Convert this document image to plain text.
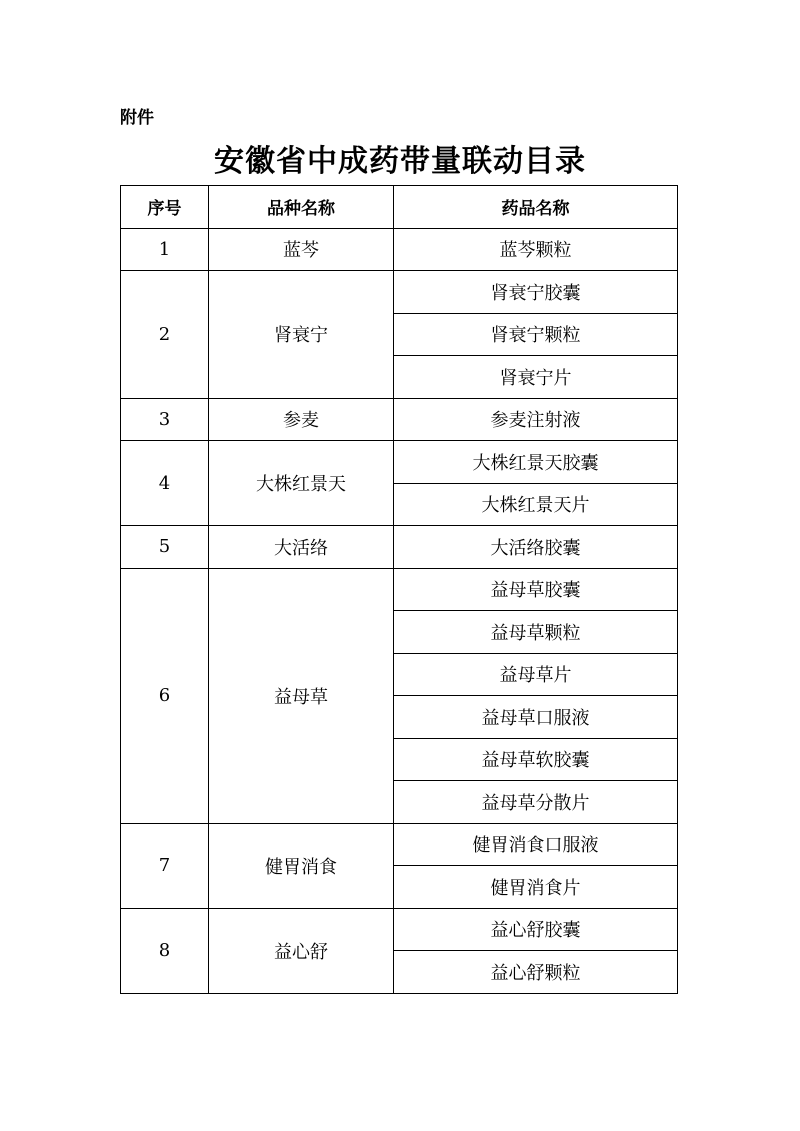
附件
安徽省中成药带量联动目录
序号	品种名称	药品名称
1	蓝芩	蓝芩颗粒
2	肾衰宁	肾衰宁胶囊
		肾衰宁颗粒
		肾衰宁片
3	参麦	参麦注射液
4	大株红景天	大株红景天胶囊
		大株红景天片
5	大活络	大活络胶囊
6	益母草	益母草胶囊
		益母草颗粒
		益母草片
		益母草口服液
		益母草软胶囊
		益母草分散片
7	健胃消食	健胃消食口服液
		健胃消食片
8	益心舒	益心舒胶囊
		益心舒颗粒
